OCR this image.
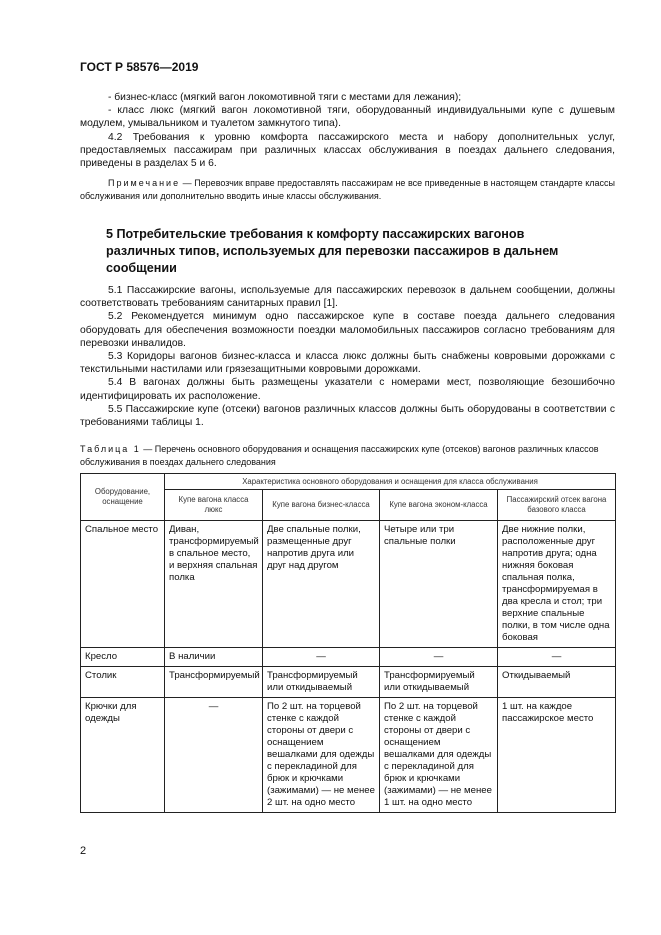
ГОСТ Р 58576—2019
- бизнес-класс (мягкий вагон локомотивной тяги с местами для лежания);
- класс люкс (мягкий вагон локомотивной тяги, оборудованный индивидуальными купе с душевым модулем, умывальником и туалетом замкнутого типа).
4.2 Требования к уровню комфорта пассажирского места и набору дополнительных услуг, предоставляемых пассажирам при различных классах обслуживания в поездах дальнего следования, приведены в разделах 5 и 6.
Примечание — Перевозчик вправе предоставлять пассажирам не все приведенные в настоящем стандарте классы обслуживания или дополнительно вводить иные классы обслуживания.
5 Потребительские требования к комфорту пассажирских вагонов различных типов, используемых для перевозки пассажиров в дальнем сообщении
5.1 Пассажирские вагоны, используемые для пассажирских перевозок в дальнем сообщении, должны соответствовать требованиям санитарных правил [1].
5.2 Рекомендуется минимум одно пассажирское купе в составе поезда дальнего следования оборудовать для обеспечения возможности поездки маломобильных пассажиров согласно требованиям для перевозки инвалидов.
5.3 Коридоры вагонов бизнес-класса и класса люкс должны быть снабжены ковровыми дорожками с текстильными настилами или грязезащитными ковровыми дорожками.
5.4 В вагонах должны быть размещены указатели с номерами мест, позволяющие безошибочно идентифицировать их расположение.
5.5 Пассажирские купе (отсеки) вагонов различных классов должны быть оборудованы в соответствии с требованиями таблицы 1.
Таблица 1 — Перечень основного оборудования и оснащения пассажирских купе (отсеков) вагонов различных классов обслуживания в поездах дальнего следования
Оборудование, оснащение	Характеристика основного оборудования и оснащения для класса обслуживания			
	Купе вагона класса люкс	Купе вагона бизнес-класса	Купе вагона эконом-класса	Пассажирский отсек вагона базового класса
Спальное место	Диван, трансформируемый в спальное место, и верхняя спальная полка	Две спальные полки, размещенные друг напротив друга или друг над другом	Четыре или три спальные полки	Две нижние полки, расположенные друг напротив друга; одна нижняя боковая спальная полка, трансформируемая в два кресла и стол; три верхние спальные полки, в том числе одна боковая
Кресло	В наличии	—	—	—
Столик	Трансформируемый	Трансформируемый или откидываемый	Трансформируемый или откидываемый	Откидываемый
Крючки для одежды	—	По 2 шт. на торцевой стенке с каждой стороны от двери с оснащением вешалками для одежды с перекладиной для брюк и крючками (зажимами) — не менее 2 шт. на одно место	По 2 шт. на торцевой стенке с каждой стороны от двери с оснащением вешалками для одежды с перекладиной для брюк и крючками (зажимами) — не менее 1 шт. на одно место	1 шт. на каждое пассажирское место
2
